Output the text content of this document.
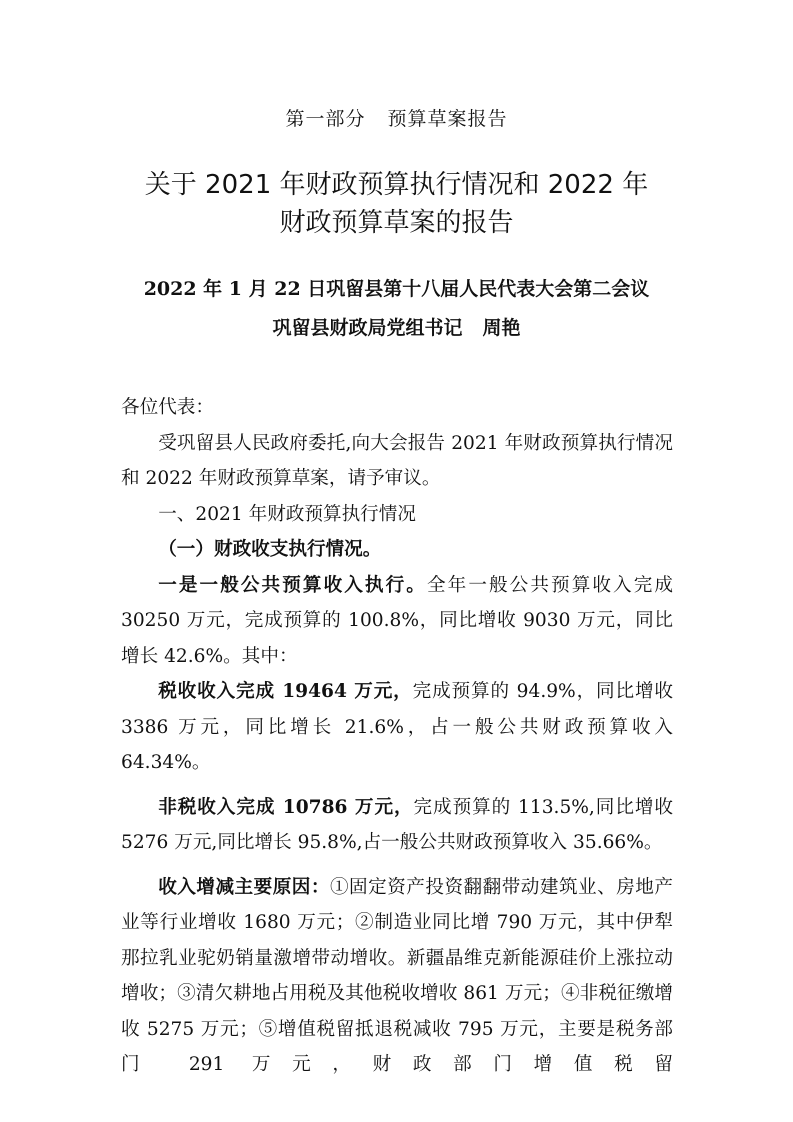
第一部分 预算草案报告
关于 2021 年财政预算执行情况和 2022 年
财政预算草案的报告
2022 年 1 月 22 日巩留县第十八届人民代表大会第二会议
巩留县财政局党组书记 周艳

各位代表：

受巩留县人民政府委托,向大会报告 2021 年财政预算执行情况和 2022 年财政预算草案，请予审议。

一、2021 年财政预算执行情况

（一）财政收支执行情况。

一是一般公共预算收入执行。全年一般公共预算收入完成 30250 万元，完成预算的 100.8%，同比增收 9030 万元，同比增长 42.6%。其中：

税收收入完成 19464 万元，完成预算的 94.9%，同比增收 3386 万元，同比增长 21.6%，占一般公共财政预算收入 64.34%。

非税收入完成 10786 万元，完成预算的 113.5%,同比增收 5276 万元,同比增长 95.8%,占一般公共财政预算收入 35.66%。

收入增减主要原因：①固定资产投资翻翻带动建筑业、房地产业等行业增收 1680 万元；②制造业同比增 790 万元，其中伊犁那拉乳业驼奶销量激增带动增收。新疆晶维克新能源硅价上涨拉动增收；③清欠耕地占用税及其他税收增收 861 万元；④非税征缴增收 5275 万元；⑤增值税留抵退税减收 795 万元，主要是税务部门 291 万元，财政部门增值税留
